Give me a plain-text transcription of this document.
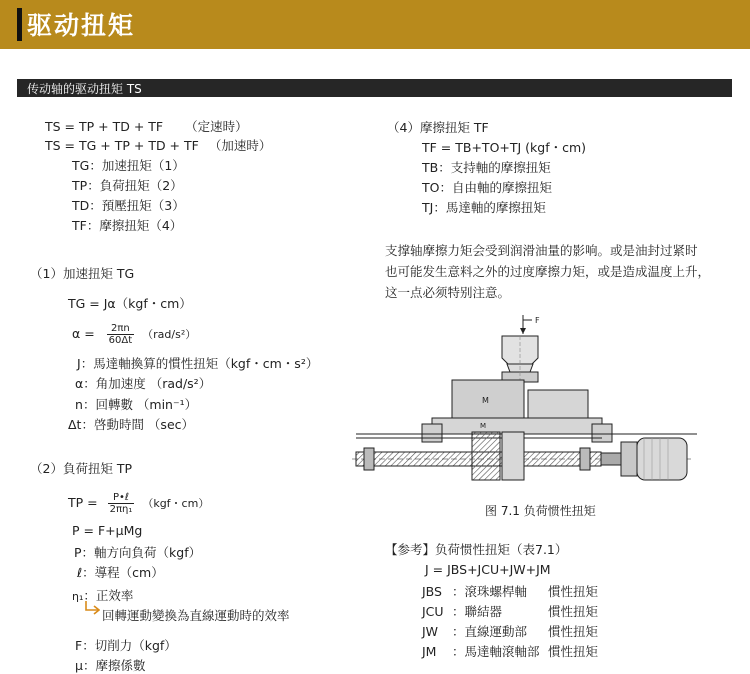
驱动扭矩
传动轴的驱动扭矩 TS
TS = TP + TD + TF （定速時）
TS = TG + TP + TD + TF （加速時）
TG：加速扭矩（1）
TP：負荷扭矩（2）
TD：預壓扭矩（3）
TF：摩擦扭矩（4）
（1）加速扭矩 TG
TG = Jα（kgf・cm）
$\alpha = \frac{2\pi n}{60\Delta t} (rad/s^2)$
J：馬達軸換算的慣性扭矩（kgf・cm・s²）
α：角加速度 （rad/s²）
n：回轉數 （min⁻¹）
Δt：啓動時間 （sec）
（2）負荷扭矩 TP
TP = $\frac{\text{P•ℓ}}{\text{2πη₁}} (kgf$・cm）
P = F+μMg
P：軸方向負荷（kgf）
ℓ：導程（cm）
η₁：正效率
回轉運動變換為直線運動時的效率
F：切削力（kgf）
μ：摩擦係數
（4）摩擦扭矩 TF
TF = TB+TO+TJ (kgf・cm)
TB：支持軸的摩擦扭矩
TO：自由軸的摩擦扭矩
TJ：馬達軸的摩擦扭矩
支撑轴摩擦力矩会受到润滑油量的影响。或是油封过紧时
也可能发生意料之外的过度摩擦力矩，或是造成温度上升，
这一点必须特别注意。
F
M
M
图 7.1 负荷惯性扭矩
【参考】负荷惯性扭矩（表7.1）
J = JBS+JCU+JW+JM
JBS ：滾珠螺桿軸 慣性扭矩
JCU ：聯結器	慣性扭矩
JW ：直線運動部 慣性扭矩
JM ：馬達軸滾軸部 慣性扭矩
